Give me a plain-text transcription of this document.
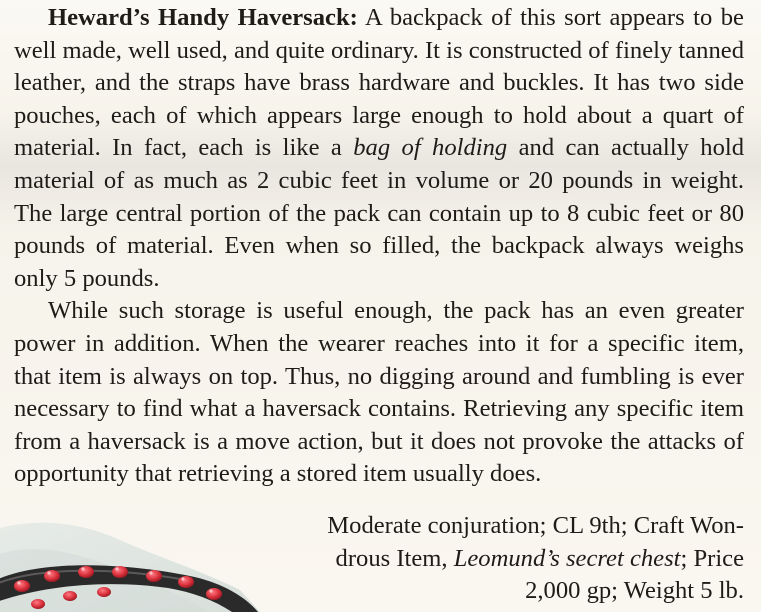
Heward’s Handy Haversack: A backpack of this sort appears to be well made, well used, and quite ordinary. It is constructed of finely tanned leather, and the straps have brass hardware and buckles. It has two side pouches, each of which appears large enough to hold about a quart of material. In fact, each is like a bag of holding and can actually hold material of as much as 2 cubic feet in volume or 20 pounds in weight. The large central portion of the pack can contain up to 8 cubic feet or 80 pounds of material. Even when so filled, the backpack always weighs only 5 pounds.

While such storage is useful enough, the pack has an even greater power in addition. When the wearer reaches into it for a specific item, that item is always on top. Thus, no digging around and fumbling is ever necessary to find what a haversack contains. Retrieving any specific item from a haversack is a move action, but it does not provoke the attacks of opportunity that retrieving a stored item usually does.

Moderate conjuration; CL 9th; Craft Won-
drous Item, Leomund’s secret chest; Price
2,000 gp; Weight 5 lb.
